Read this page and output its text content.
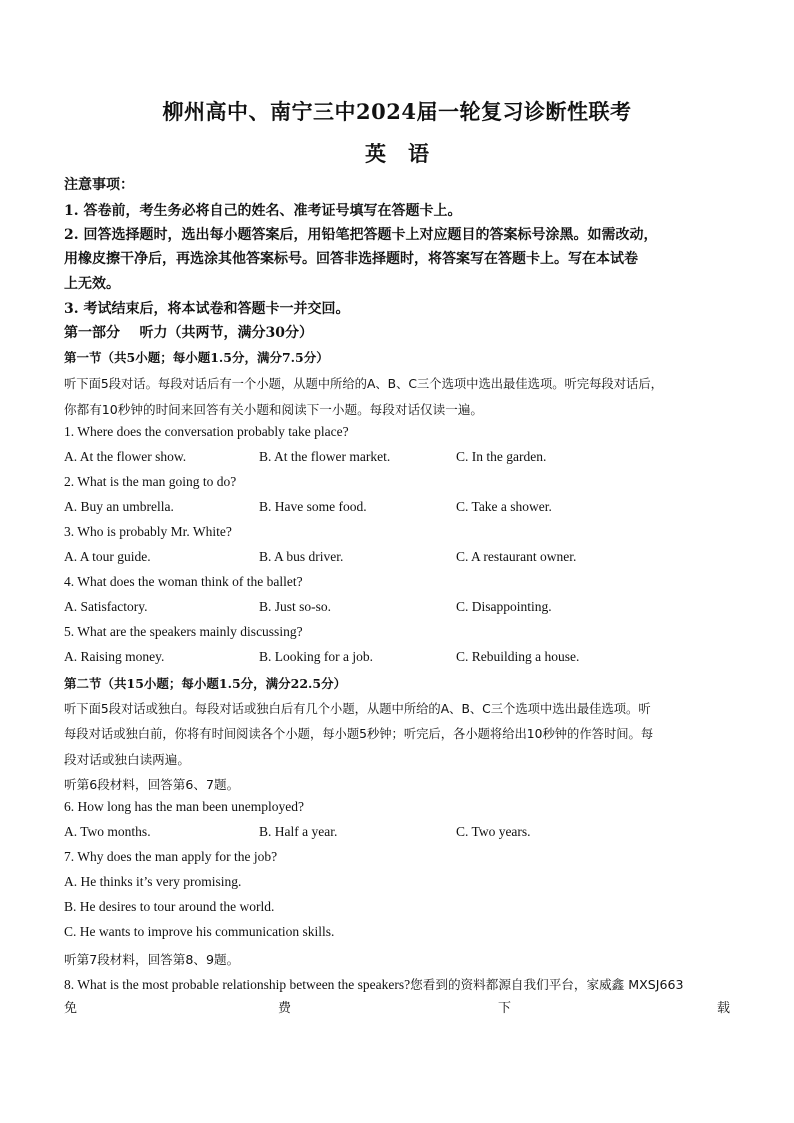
柳州高中、南宁三中2024届一轮复习诊断性联考
英语
注意事项：
1. 答卷前，考生务必将自己的姓名、准考证号填写在答题卡上。
2. 回答选择题时，选出每小题答案后，用铅笔把答题卡上对应题目的答案标号涂黑。如需改动，
用橡皮擦干净后，再选涂其他答案标号。回答非选择题时，将答案写在答题卡上。写在本试卷
上无效。
3. 考试结束后，将本试卷和答题卡一并交回。
第一部分    听力（共两节，满分30分）
第一节（共5小题；每小题1.5分，满分7.5分）
听下面5段对话。每段对话后有一个小题，从题中所给的A、B、C三个选项中选出最佳选项。听完每段对话后，
你都有10秒钟的时间来回答有关小题和阅读下一小题。每段对话仅读一遍。
1. Where does the conversation probably take place?
A. At the flower show.	B. At the flower market.	C. In the garden.
2. What is the man going to do?
A. Buy an umbrella.	B. Have some food.	C. Take a shower.
3. Who is probably Mr. White?
A. A tour guide.	B. A bus driver.	C. A restaurant owner.
4. What does the woman think of the ballet?
A. Satisfactory.	B. Just so-so.	C. Disappointing.
5. What are the speakers mainly discussing?
A. Raising money.	B. Looking for a job.	C. Rebuilding a house.
第二节（共15小题；每小题1.5分，满分22.5分）
听下面5段对话或独白。每段对话或独白后有几个小题，从题中所给的A、B、C三个选项中选出最佳选项。听
每段对话或独白前，你将有时间阅读各个小题，每小题5秒钟；听完后，各小题将给出10秒钟的作答时间。每
段对话或独白读两遍。
听第6段材料，回答第6、7题。
6. How long has the man been unemployed?
A. Two months.	B. Half a year.	C. Two years.
7. Why does the man apply for the job?
A. He thinks it’s very promising.
B. He desires to tour around the world.
C. He wants to improve his communication skills.
听第7段材料，回答第8、9题。
8. What is the most probable relationship between the speakers?您看到的资料都源自我们平台，家威鑫 MXSJ663
免	费	下	载
